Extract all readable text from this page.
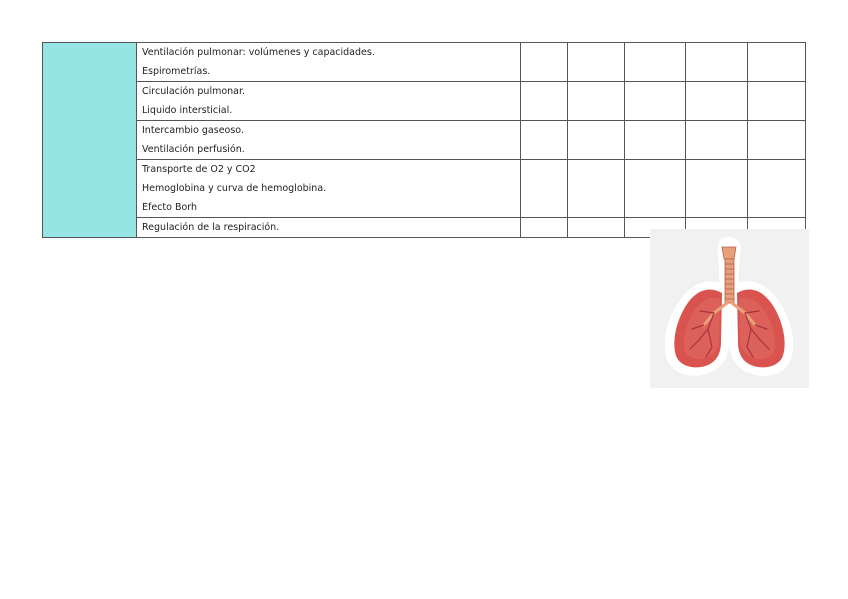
	Ventilación pulmonar: volúmenes y capacidades.
Espirometrías.					

	Circulación pulmonar.
Liquido intersticial.					

	Intercambio gaseoso.
Ventilación perfusión.					

	Transporte de O2 y CO2
Hemoglobina y curva de hemoglobina.
Efecto Borh					

	Regulación de la respiración.					
